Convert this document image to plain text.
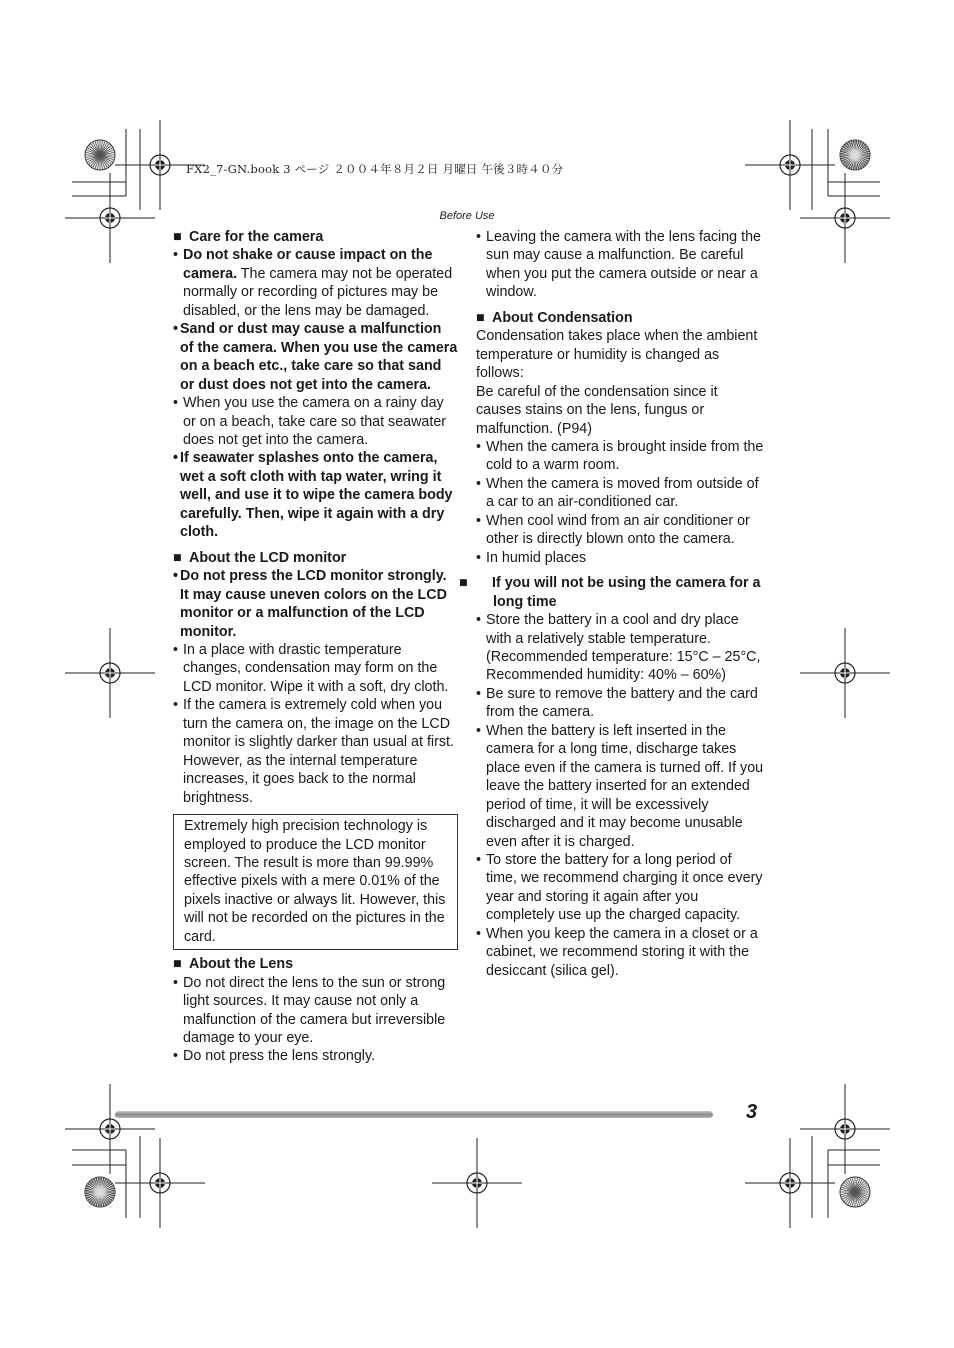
FX2_7-GN.book 3 ページ ２００４年８月２日 月曜日 午後３時４０分
Before Use
■ Care for the camera
• Do not shake or cause impact on the camera. The camera may not be operated normally or recording of pictures may be disabled, or the lens may be damaged.
• Sand or dust may cause a malfunction of the camera. When you use the camera on a beach etc., take care so that sand or dust does not get into the camera.
• When you use the camera on a rainy day or on a beach, take care so that seawater does not get into the camera.
• If seawater splashes onto the camera, wet a soft cloth with tap water, wring it well, and use it to wipe the camera body carefully. Then, wipe it again with a dry cloth.
■ About the LCD monitor
• Do not press the LCD monitor strongly. It may cause uneven colors on the LCD monitor or a malfunction of the LCD monitor.
• In a place with drastic temperature changes, condensation may form on the LCD monitor. Wipe it with a soft, dry cloth.
• If the camera is extremely cold when you turn the camera on, the image on the LCD monitor is slightly darker than usual at first. However, as the internal temperature increases, it goes back to the normal brightness.
Extremely high precision technology is employed to produce the LCD monitor screen. The result is more than 99.99% effective pixels with a mere 0.01% of the pixels inactive or always lit. However, this will not be recorded on the pictures in the card.
■ About the Lens
• Do not direct the lens to the sun or strong light sources. It may cause not only a malfunction of the camera but irreversible damage to your eye.
• Do not press the lens strongly.
• Leaving the camera with the lens facing the sun may cause a malfunction. Be careful when you put the camera outside or near a window.
■ About Condensation
Condensation takes place when the ambient temperature or humidity is changed as follows:
Be careful of the condensation since it causes stains on the lens, fungus or malfunction. (P94)
• When the camera is brought inside from the cold to a warm room.
• When the camera is moved from outside of a car to an air-conditioned car.
• When cool wind from an air conditioner or other is directly blown onto the camera.
• In humid places
■ If you will not be using the camera for a long time
• Store the battery in a cool and dry place with a relatively stable temperature. (Recommended temperature: 15°C – 25°C, Recommended humidity: 40% – 60%)
• Be sure to remove the battery and the card from the camera.
• When the battery is left inserted in the camera for a long time, discharge takes place even if the camera is turned off. If you leave the battery inserted for an extended period of time, it will be excessively discharged and it may become unusable even after it is charged.
• To store the battery for a long period of time, we recommend charging it once every year and storing it again after you completely use up the charged capacity.
• When you keep the camera in a closet or a cabinet, we recommend storing it with the desiccant (silica gel).
3
